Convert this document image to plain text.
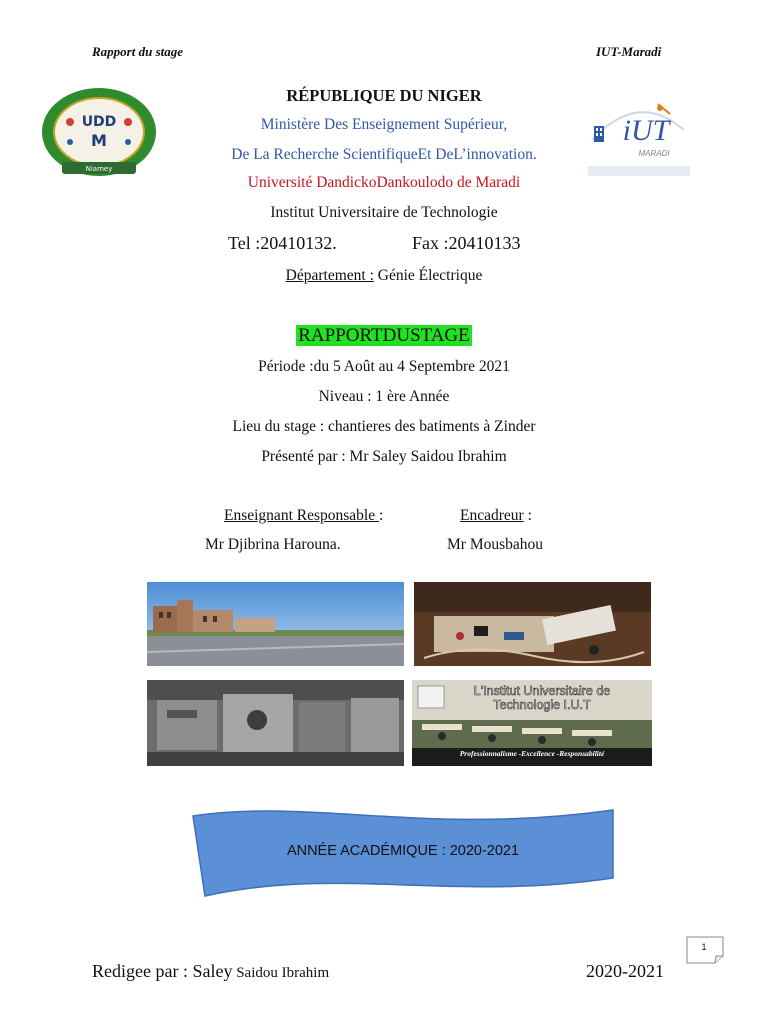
Rapport du stage	IUT-Maradi
Niamey
UDD
M	iUT
MARADI
RÉPUBLIQUE DU NIGER
Ministère Des Enseignement Supérieur,
De La Recherche ScientifiqueEt DeL’innovation.
Université DandickoDankoulodo de Maradi
Institut Universitaire de Technologie
Tel :20410132.	Fax :20410133
Département : Génie Électrique
RAPPORTDUSTAGE
Période :du 5 Août au 4 Septembre 2021
Niveau : 1 ère Année
Lieu du stage : chantieres des batiments à Zinder
Présenté par : Mr Saley Saidou Ibrahim
Enseignant Responsable :	Encadreur :
Mr Djibrina Harouna.	Mr Mousbahou
L'Institut Universitaire de
Technologie I.U.T
Professionnalisme -Excellence -Responsabilité
ANNÉE ACADÉMIQUE : 2020-2021
1
Redigee par : Saley Saidou Ibrahim	2020-2021
